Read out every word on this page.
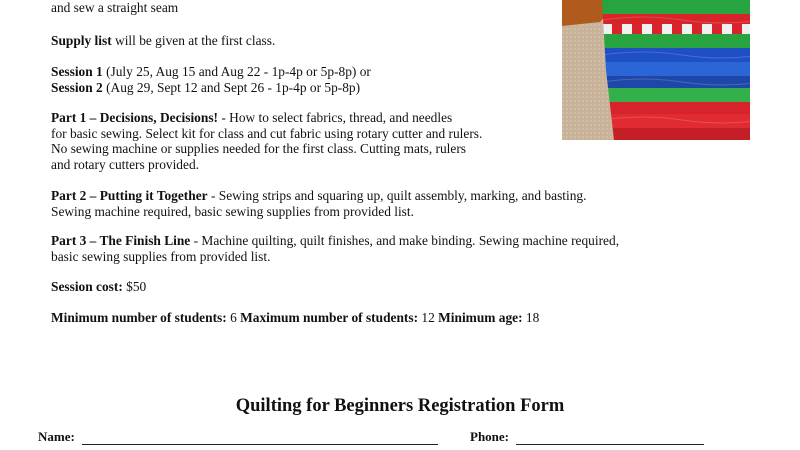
and sew a straight seam

Supply list will be given at the first class.

Session 1 (July 25, Aug 15 and Aug 22 - 1p-4p or 5p-8p) or
Session 2 (Aug 29, Sept 12 and Sept 26 - 1p-4p or 5p-8p)

Part 1 – Decisions, Decisions! - How to select fabrics, thread, and needles
for basic sewing. Select kit for class and cut fabric using rotary cutter and rulers.
No sewing machine or supplies needed for the first class. Cutting mats, rulers
and rotary cutters provided.

Part 2 – Putting it Together - Sewing strips and squaring up, quilt assembly, marking, and basting.
Sewing machine required, basic sewing supplies from provided list.

Part 3 – The Finish Line - Machine quilting, quilt finishes, and make binding. Sewing machine required,
basic sewing supplies from provided list.

Session cost: $50

Minimum number of students: 6 Maximum number of students: 12 Minimum age: 18

Quilting for Beginners Registration Form
Name:	Phone:
